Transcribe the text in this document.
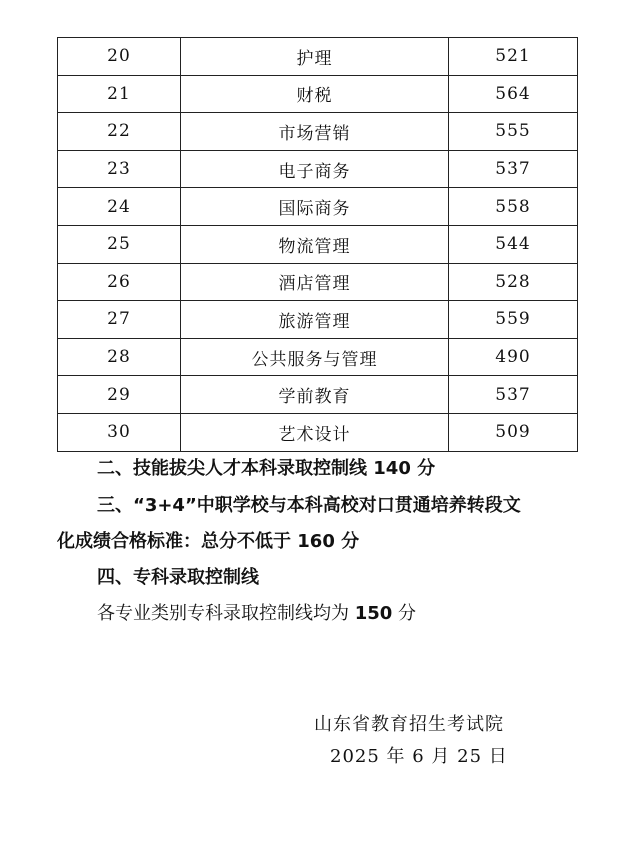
20	护理	521
21	财税	564
22	市场营销	555
23	电子商务	537
24	国际商务	558
25	物流管理	544
26	酒店管理	528
27	旅游管理	559
28	公共服务与管理	490
29	学前教育	537
30	艺术设计	509
二、技能拔尖人才本科录取控制线 140 分
三、“3+4”中职学校与本科高校对口贯通培养转段文
化成绩合格标准：总分不低于 160 分
四、专科录取控制线
各专业类别专科录取控制线均为 150 分
山东省教育招生考试院
2025 年 6 月 25 日
